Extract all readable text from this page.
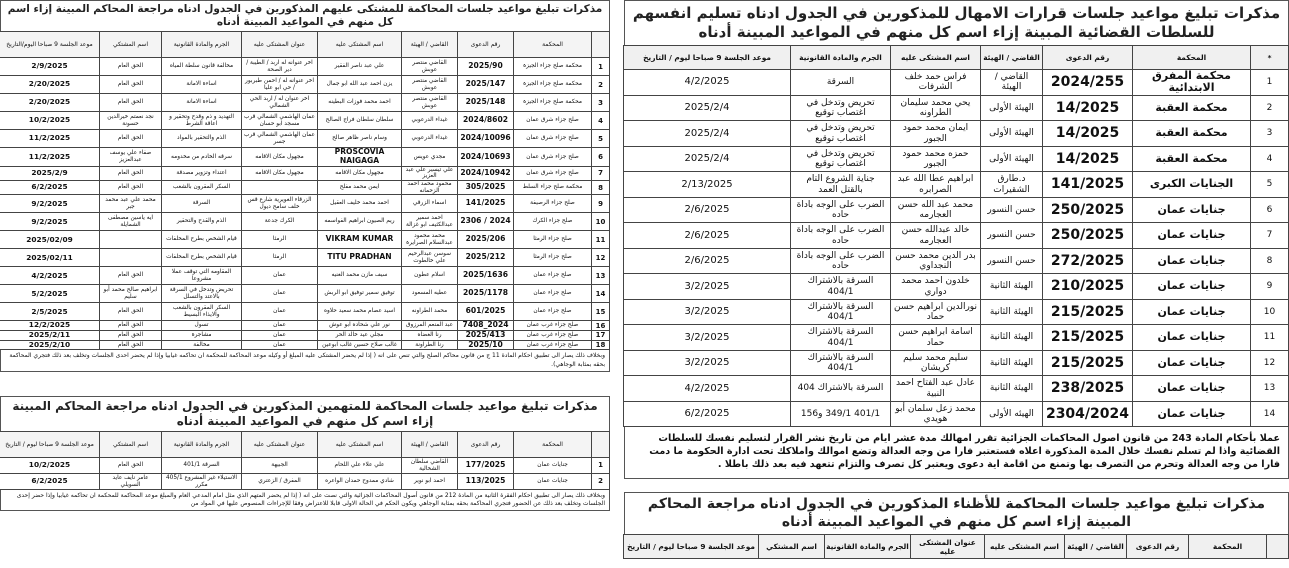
مذكرات تبليغ مواعيد جلسات المحاكمة للمشتكى عليهم المذكورين في الجدول ادناه مراجعة المحاكم المبينة إزاء اسم كل منهم في المواعيد المبينة أدناه
	المحكمة	رقم الدعوى	القاضي / الهيئة	اسم المشتكى عليه	عنوان المشتكى عليه	الجرم والمادة القانونية	اسم المشتكي	موعد الجلسة 9 صباحا اليوم/التاريخ
1	محكمة صلح جزاء الجيزة	2025/90	القاضي منتصر عوبش	علي عبد ناصر الفقير	اخر عنوانه له اربد / الطيبة / دير الصحة	مخالفة قانون سلطة المياه	الحق العام	2/9/2025
2	محكمة صلح جزاء الجيزة	2025/147	القاضي منتصر عوبش	يزن احمد عبد الله ابو جمال	اخر عنوانه له / احمن طبربور / حي ابو عليا	اساءة الامانة	الحق العام	2/20/2025
3	محكمة صلح جزاء الجيزة	2025/148	القاضي منتصر عوبش	احمد محمد فوزات البطينه	اخر عنوان له / اربد الحي الشمالي	اساءة الامانة	الحق العام	2/20/2025
4	صلح جزاء شرق عمان	2024/8602	غيداء الدرعوبي	سلطان سلطان فراج الصالح	عمان الهاشمي الشمالي قرب مسجد ابو حسان	التهديد و ذم وقدح وتحقير و اعاقة الشرط	نجد نعمتم خيرالدين حسونة	10/2/2025
5	صلح جزاء شرق عمان	2024/10096	غيداء الدرعوبي	وسام ناصر ظاهر صالح	عمان الهاشمي الشمالي قرب جسر	الذم والتحقير بالمواد	الحق العام	11/2/2025
6	صلح جزاء شرق عمان	2024/10693	مجدي عويس	PROSCOVIA NAIGAGA	مجهول مكان الاقامه	سرقه الخادم من مخدومه	صفاء علي يوسف عبدالعزيز	11/2/2025
7	صلح جزاء شرق عمان	2024/10942	علي تيسير علي عبد العزيز	مجهول مكان الاقامه	مجهول مكان الاقامه	اعتداء وتزوير مصدقة	الحق العام	2025/2/9
8	محكمة صلح جزاء السلط	305/2025	محمود محمد احمد الزحمانه	ايمن محمد مفلح		السكر المقرون بالشغب	الحق العام	6/2/2025
9	صلح جزاء الرصيفة	141/2025	اسماء الزرقي	احمد محمد خليف العقيل	الزرقاء الغويرية شارع قس خلف سامح ديول	السرقة	محمد علي عبد محمد جبر	9/2/2025
10	صلح جزاء الكرك	2024 / 2306	احمد سمير عبدالكثيف ابو غزالة	ريم الصيون ابراهيم الفواسمه	الكرك جدعة	الذم والقدح والتحقير	ايه ياسين مصطفى الشمايلة	9/2/2025
11	صلح جزاء الرمثا	2025/206	محمد محمود عبدالسلام الصرايرة	VIKRAM KUMAR	الرمثا	قيام الشخص بطرح المخلفات		2025/02/09
12	صلح جزاء الرمثا	2025/212	سوسن عبدالرحيم علي خالطوت	TITU PRADHAN	الرمثا	قيام الشخص بطرح المخلفات		2025/02/11
13	صلح جزاء عمان	2025/1636	اسلام عطون	سيف مازن محمد الغنيه	عمان	المقاومه التي توقف عملا مشروعا	الحق العام	4/2/2025
14	صلح جزاء عمان	2025/1178	عطيه المسعود	توفيق سمير توفيق ابو الربش	عمان	تحريض وتدخل في السرقة بالاعتد والتسلل	ابراهيم صالح محمد أبو سليم	5/2/2025
15	صلح جزاء عمان	601/2025	محمد الطراونه	اسيد عصام محمد سعيد حلاوه	عمان	السكر المقرون بالشغب والايذاء البسيط	الحق العام	2/5/2025
16	صلح جزاء غرب عمان	2024_7408	عبد المنعم المرزوق	نور علي شحاده ابو عوش	عمان	تسول	الحق العام	12/2/2025
17	صلح جزاء غرب عمان	2025/413	رنا الغضاه	مجلي عيد خالد الحر	عمان	مشاجرة	الحق العام	2025/2/11
18	صلح جزاء غرب عمان	2025/10	رنا الطراونة	غالب صلاح حسين غالب ابوعين	عمان	مخالفة	الحق العام	2025/2/10
وبخلاف ذلك يصار الى تطبيق احكام المادة 11 ج من قانون محاكم الصلح والتي تنص على انه ( إذا لم يحضر المشتكى عليه المبلغ أو وكيله موعد المحاكمة للمحكمة ان تحاكمه غيابيا وإذا لم يحضر احدى الجلسات وتخلف بعد ذلك فتجري المحاكمة بحقه بمثابة الوجاهي).
مذكرات تبليغ مواعيد جلسات المحاكمة للمتهمين المذكورين في الجدول ادناه مراجعة المحاكم المبينة إزاء اسم كل منهم في المواعيد المبينة أدناه
	المحكمة	رقم الدعوى	القاضي / الهيئة	اسم المشتكى عليه	عنوان المشتكى عليه	الجرم والمادة القانونية	اسم المشتكي	موعد الجلسة 9 صباحا ليوم / التاريخ
1	جنايات عمان	177/2025	القاضي سلطان الشخالية	علي علاء علي اللحام	الجبيهة	السرقة 401/1	الحق العام	10/2/2025
2	جنايات عمان	113/2025	احمد ابو نوير	شادي ممدوح حمدان الواعره	المفرق / الزعتري	الاستيلاء غير المشروع 405/1 مكرر	عامر نايف عايد السويلي	6/2/2025
وبخلاف ذلك يصار الى تطبيق احكام الفقرة الثانية من المادة 212 من قانون أصول المحاكمات الجزائية والتي نصت على انه ( إذا لم يحضر المتهم الذي مثل امام المدعي العام والمبلغ موعد المحاكمة للمحكمة ان تحاكمه غيابيا وإذا حضر إحدى الجلسات وتخلف بعد ذلك عن الحضور فتجري المحاكمة بحقه بمثابة الوجاهي ويكون الحكم في الحالة الاولى قابلا للاعتراض وفقا للإجراءات المنصوص عليها في المواد من
مذكرات تبليغ مواعيد جلسات قرارات الامهال للمذكورين في الجدول ادناه تسليم انفسهم للسلطات القضائية المبينة إزاء اسم كل منهم في المواعيد المبينة أدناه
*	المحكمة	رقم الدعوى	القاضي / الهيئة	اسم المشتكى عليه	الجرم والمادة القانونية	موعد الجلسة 9 صباحا ليوم / التاريخ
1	محكمة المفرق الابتدائية	2024/255	القاضي / الهيئة	فراس حمد خلف الشرفات	السرقة	4/2/2025
2	محكمة العقبة	14/2025	الهيئة الأولى	يحي محمد سليمان الطراونه	تحريض وتدخل في اغتصاب توقيع	2025/2/4
3	محكمة العقبة	14/2025	الهيئة الأولى	ايمان محمد حمود الجبور	تحريض وتدخل في اغتصاب توقيع	2025/2/4
4	محكمة العقبة	14/2025	الهيئة الأولى	حمزه محمد حمود الجبور	تحريض وتدخل في اغتصاب توقيع	2025/2/4
5	الجنايات الكبرى	141/2025	د.طارق الشقيرات	ابراهيم عطا الله عبد الصرابره	جناية الشروع التام بالقتل العمد	2/13/2025
6	جنايات عمان	250/2025	حسن النسور	محمد عبد الله حسن العجارمه	الضرب على الوجه باداة حاده	2/6/2025
7	جنايات عمان	250/2025	حسن النسور	خالد عبدالله حسن العجارمه	الضرب على الوجه باداة حاده	2/6/2025
8	جنايات عمان	272/2025	حسن النسور	بدر الدين محمد حسن النجداوي	الضرب على الوجه باداة حاده	2/6/2025
9	جنايات عمان	210/2025	الهيئة الثانية	خلدون احمد محمد دواري	السرقة بالاشتراك 404/1	3/2/2025
10	جنايات عمان	215/2025	الهيئة الثانية	نورالدين ابراهيم حسن حماد	السرقة بالاشتراك 404/1	3/2/2025
11	جنايات عمان	215/2025	الهيئة الثانية	اسامة ابراهيم حسن حماد	السرقة بالاشتراك 404/1	3/2/2025
12	جنايات عمان	215/2025	الهيئة الثانية	سليم محمد سليم كريشان	السرقة بالاشتراك 404/1	3/2/2025
13	جنايات عمان	238/2025	الهيئة الثانية	عادل عبد الفتاح احمد النبية	السرقة بالاشتراك 404	4/2/2025
14	جنايات عمان	2304/2024	الهيئه الأولى	محمد زعل سلمان أبو هويدي	401/1 349/1 و156	6/2/2025
عملا بأحكام المادة 243 من قانون اصول المحاكمات الجزائية تقرر امهالك مدة عشر ايام من تاريخ نشر القرار لتسليم نفسك للسلطات القضائية واذا لم تسلم نفسك خلال المدة المذكورة اعلاه فستعتبر فارا من وجه العدالة وتضع اموالك واملاكك تحت ادارة الحكومة ما دمت فارا من وجه العدالة وتحرم من التصرف بها وتمنع من اقامة اية دعوى ويعتبر كل تصرف والتزام تتعهد فيه بعد ذلك باطلا .
مذكرات تبليغ مواعيد جلسات المحاكمة للأظناء المذكورين في الجدول ادناه مراجعة المحاكم المبينة إزاء اسم كل منهم في المواعيد المبينة أدناه
	المحكمة	رقم الدعوى	القاضي / الهيئة	اسم المشتكى عليه	عنوان المشتكى عليه	الجرم والمادة القانونية	اسم المشتكي	موعد الجلسة 9 صباحا ليوم / التاريخ
